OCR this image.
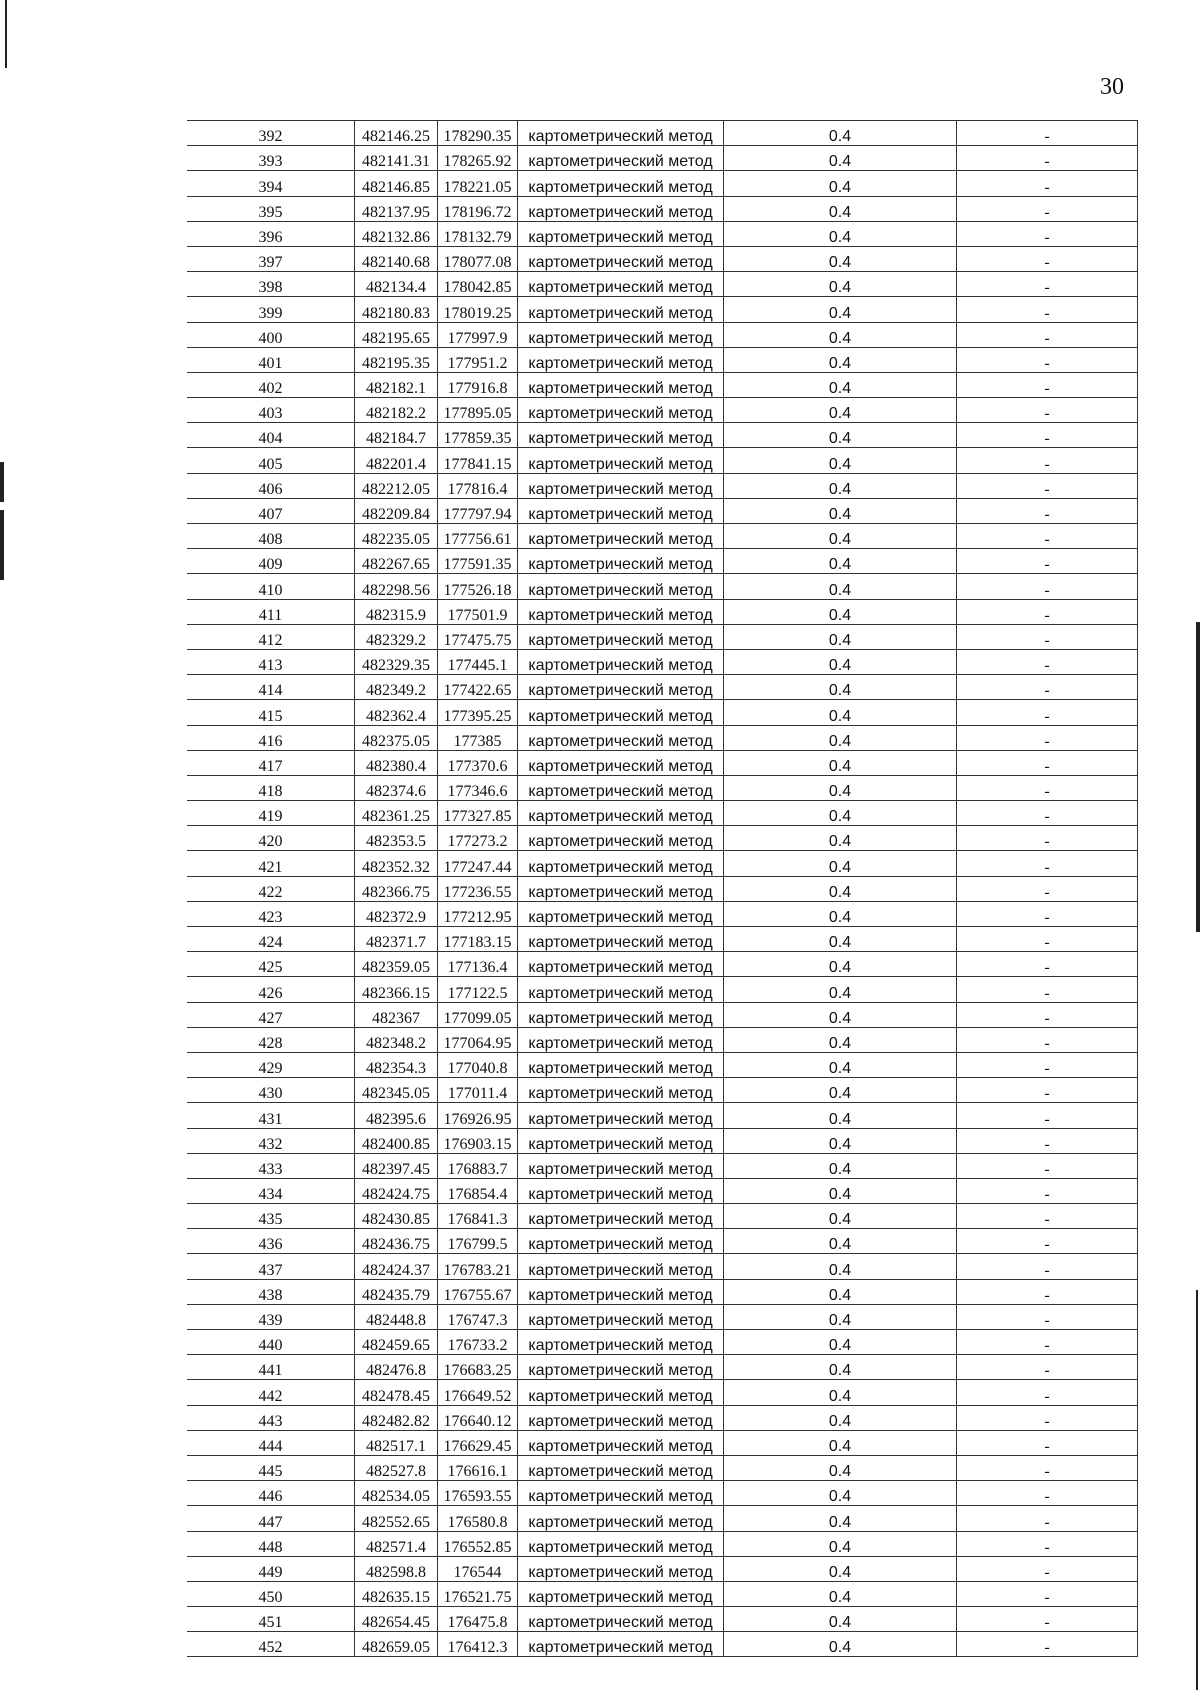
30
392	482146.25	178290.35	картометрический метод	0.4	-
393	482141.31	178265.92	картометрический метод	0.4	-
394	482146.85	178221.05	картометрический метод	0.4	-
395	482137.95	178196.72	картометрический метод	0.4	-
396	482132.86	178132.79	картометрический метод	0.4	-
397	482140.68	178077.08	картометрический метод	0.4	-
398	482134.4	178042.85	картометрический метод	0.4	-
399	482180.83	178019.25	картометрический метод	0.4	-
400	482195.65	177997.9	картометрический метод	0.4	-
401	482195.35	177951.2	картометрический метод	0.4	-
402	482182.1	177916.8	картометрический метод	0.4	-
403	482182.2	177895.05	картометрический метод	0.4	-
404	482184.7	177859.35	картометрический метод	0.4	-
405	482201.4	177841.15	картометрический метод	0.4	-
406	482212.05	177816.4	картометрический метод	0.4	-
407	482209.84	177797.94	картометрический метод	0.4	-
408	482235.05	177756.61	картометрический метод	0.4	-
409	482267.65	177591.35	картометрический метод	0.4	-
410	482298.56	177526.18	картометрический метод	0.4	-
411	482315.9	177501.9	картометрический метод	0.4	-
412	482329.2	177475.75	картометрический метод	0.4	-
413	482329.35	177445.1	картометрический метод	0.4	-
414	482349.2	177422.65	картометрический метод	0.4	-
415	482362.4	177395.25	картометрический метод	0.4	-
416	482375.05	177385	картометрический метод	0.4	-
417	482380.4	177370.6	картометрический метод	0.4	-
418	482374.6	177346.6	картометрический метод	0.4	-
419	482361.25	177327.85	картометрический метод	0.4	-
420	482353.5	177273.2	картометрический метод	0.4	-
421	482352.32	177247.44	картометрический метод	0.4	-
422	482366.75	177236.55	картометрический метод	0.4	-
423	482372.9	177212.95	картометрический метод	0.4	-
424	482371.7	177183.15	картометрический метод	0.4	-
425	482359.05	177136.4	картометрический метод	0.4	-
426	482366.15	177122.5	картометрический метод	0.4	-
427	482367	177099.05	картометрический метод	0.4	-
428	482348.2	177064.95	картометрический метод	0.4	-
429	482354.3	177040.8	картометрический метод	0.4	-
430	482345.05	177011.4	картометрический метод	0.4	-
431	482395.6	176926.95	картометрический метод	0.4	-
432	482400.85	176903.15	картометрический метод	0.4	-
433	482397.45	176883.7	картометрический метод	0.4	-
434	482424.75	176854.4	картометрический метод	0.4	-
435	482430.85	176841.3	картометрический метод	0.4	-
436	482436.75	176799.5	картометрический метод	0.4	-
437	482424.37	176783.21	картометрический метод	0.4	-
438	482435.79	176755.67	картометрический метод	0.4	-
439	482448.8	176747.3	картометрический метод	0.4	-
440	482459.65	176733.2	картометрический метод	0.4	-
441	482476.8	176683.25	картометрический метод	0.4	-
442	482478.45	176649.52	картометрический метод	0.4	-
443	482482.82	176640.12	картометрический метод	0.4	-
444	482517.1	176629.45	картометрический метод	0.4	-
445	482527.8	176616.1	картометрический метод	0.4	-
446	482534.05	176593.55	картометрический метод	0.4	-
447	482552.65	176580.8	картометрический метод	0.4	-
448	482571.4	176552.85	картометрический метод	0.4	-
449	482598.8	176544	картометрический метод	0.4	-
450	482635.15	176521.75	картометрический метод	0.4	-
451	482654.45	176475.8	картометрический метод	0.4	-
452	482659.05	176412.3	картометрический метод	0.4	-
